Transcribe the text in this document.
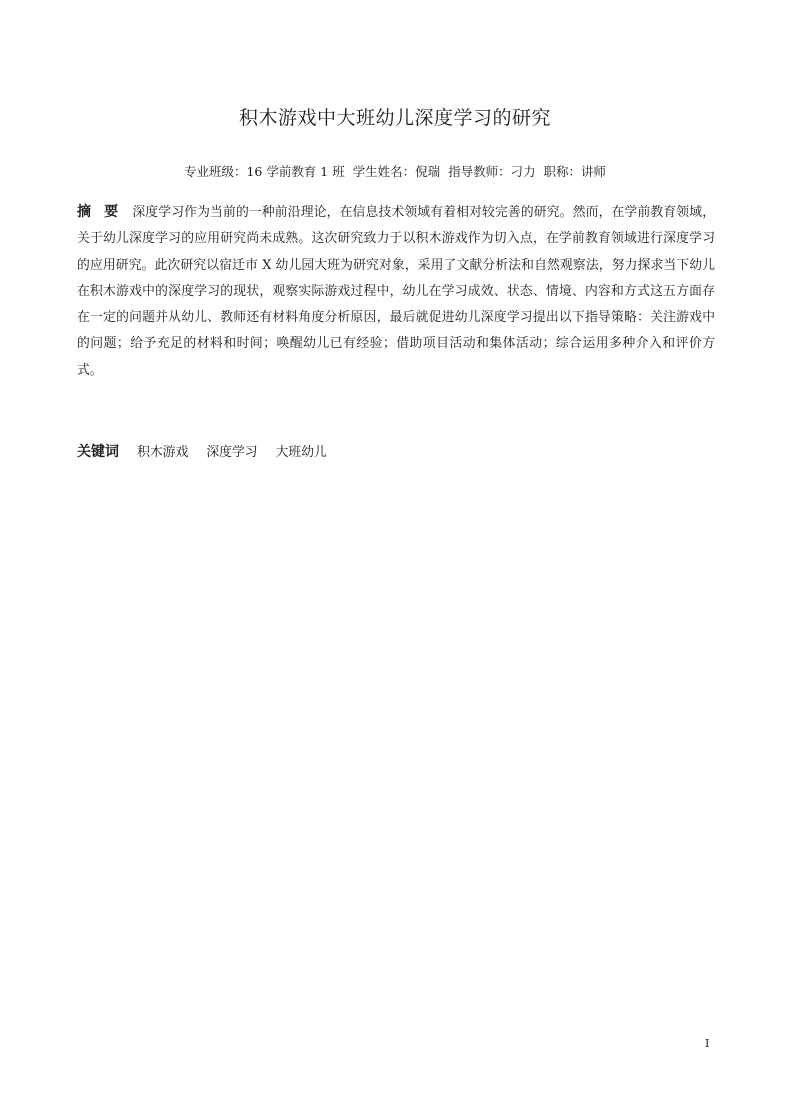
积木游戏中大班幼儿深度学习的研究
专业班级：16 学前教育 1 班  学生姓名：倪瑞  指导教师：刁力  职称：讲师

摘 要 深度学习作为当前的一种前沿理论，在信息技术领域有着相对较完善的研究。然而，在学前教育领域，关于幼儿深度学习的应用研究尚未成熟。这次研究致力于以积木游戏作为切入点，在学前教育领域进行深度学习的应用研究。此次研究以宿迁市 X 幼儿园大班为研究对象，采用了文献分析法和自然观察法，努力探求当下幼儿在积木游戏中的深度学习的现状，观察实际游戏过程中，幼儿在学习成效、状态、情境、内容和方式这五方面存在一定的问题并从幼儿、教师还有材料角度分析原因，最后就促进幼儿深度学习提出以下指导策略：关注游戏中的问题；给予充足的材料和时间；唤醒幼儿已有经验；借助项目活动和集体活动；综合运用多种介入和评价方式。

关键词 积木游戏 深度学习 大班幼儿
I
